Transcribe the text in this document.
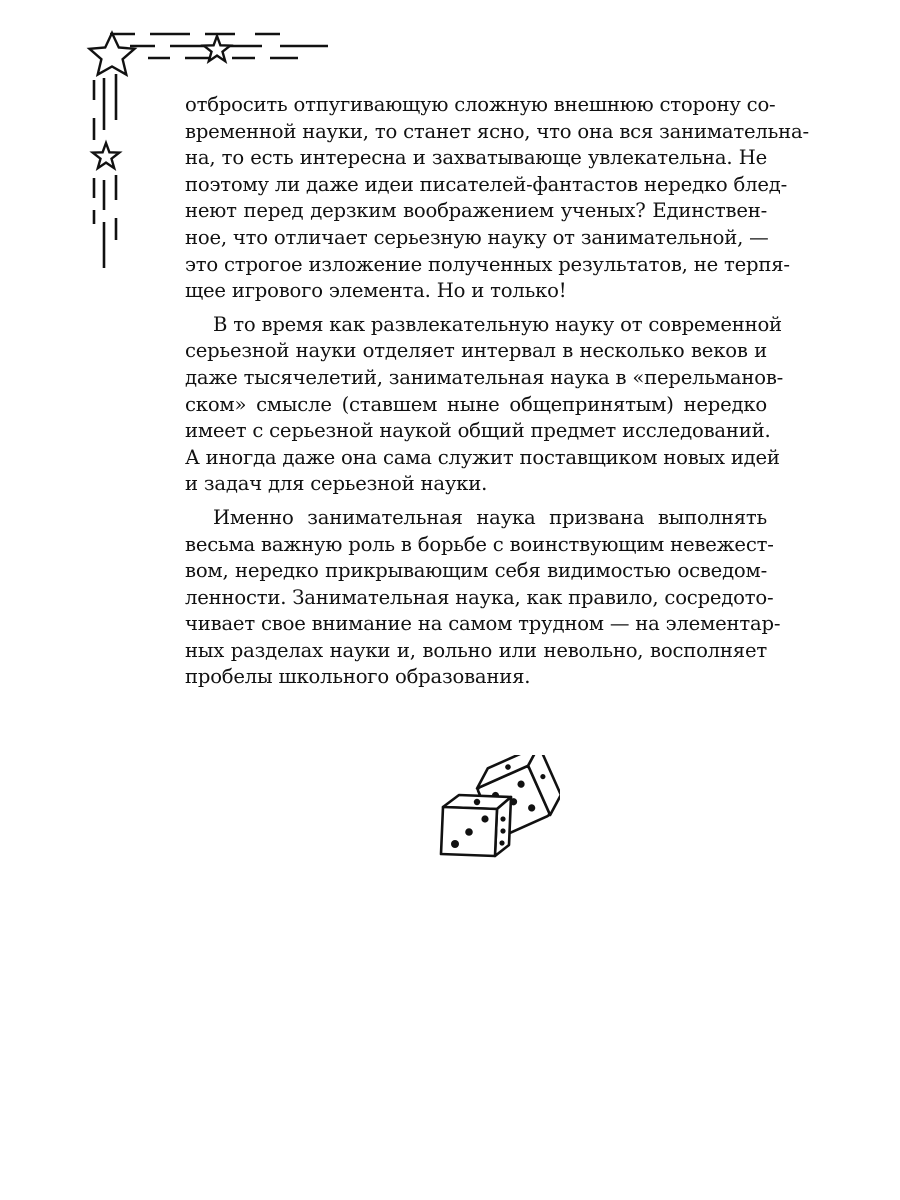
отбросить отпугивающую сложную внешнюю сторону со-
временной науки, то станет ясно, что она вся занимательна-
на, то есть интересна и захватывающе увлекательна. Не
поэтому ли даже идеи писателей-фантастов нередко блед-
неют перед дерзким воображением ученых? Единствен-
ное, что отличает серьезную науку от занимательной, —
это строгое изложение полученных результатов, не терпя-
щее игрового элемента. Но и только!
В то время как развлекательную науку от современной
серьезной науки отделяет интервал в несколько веков и
даже тысячелетий, занимательная наука в «перельманов-
ском» смысле (ставшем ныне общепринятым) нередко
имеет с серьезной наукой общий предмет исследований.
А иногда даже она сама служит поставщиком новых идей
и задач для серьезной науки.
Именно занимательная наука призвана выполнять
весьма важную роль в борьбе с воинствующим невежест-
вом, нередко прикрывающим себя видимостью осведом-
ленности. Занимательная наука, как правило, сосредото-
чивает свое внимание на самом трудном — на элементар-
ных разделах науки и, вольно или невольно, восполняет
пробелы школьного образования.
